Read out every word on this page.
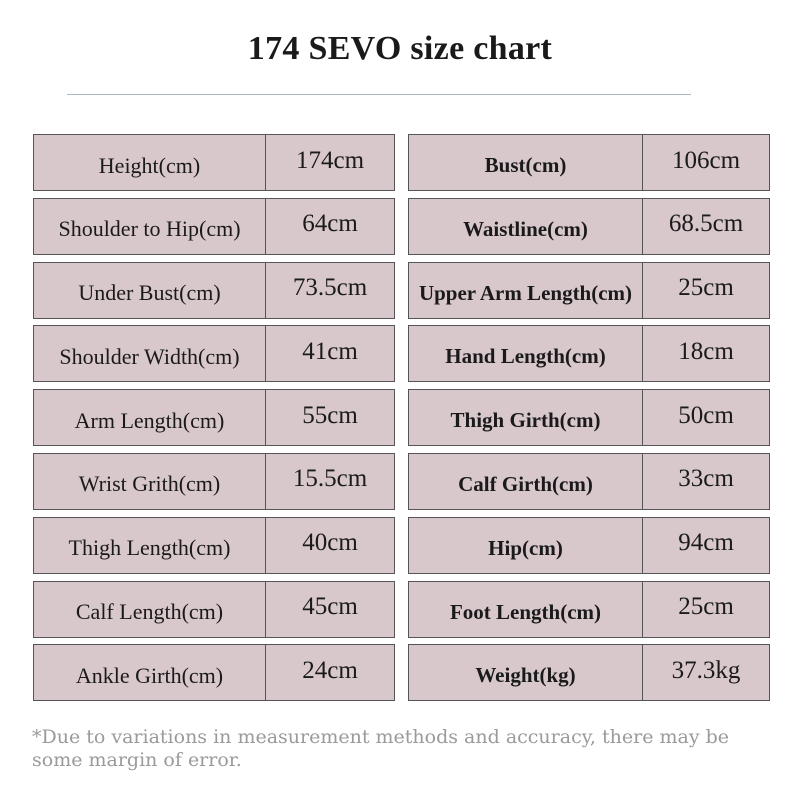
174 SEVO size chart
Height(cm)	174cm
Shoulder to Hip(cm)	64cm
Under Bust(cm)	73.5cm
Shoulder Width(cm)	41cm
Arm Length(cm)	55cm
Wrist Grith(cm)	15.5cm
Thigh Length(cm)	40cm
Calf Length(cm)	45cm
Ankle Girth(cm)	24cm
Bust(cm)	106cm
Waistline(cm)	68.5cm
Upper Arm Length(cm)	25cm
Hand Length(cm)	18cm
Thigh Girth(cm)	50cm
Calf Girth(cm)	33cm
Hip(cm)	94cm
Foot Length(cm)	25cm
Weight(kg)	37.3kg
*Due to variations in measurement methods and accuracy, there may be some margin of error.
